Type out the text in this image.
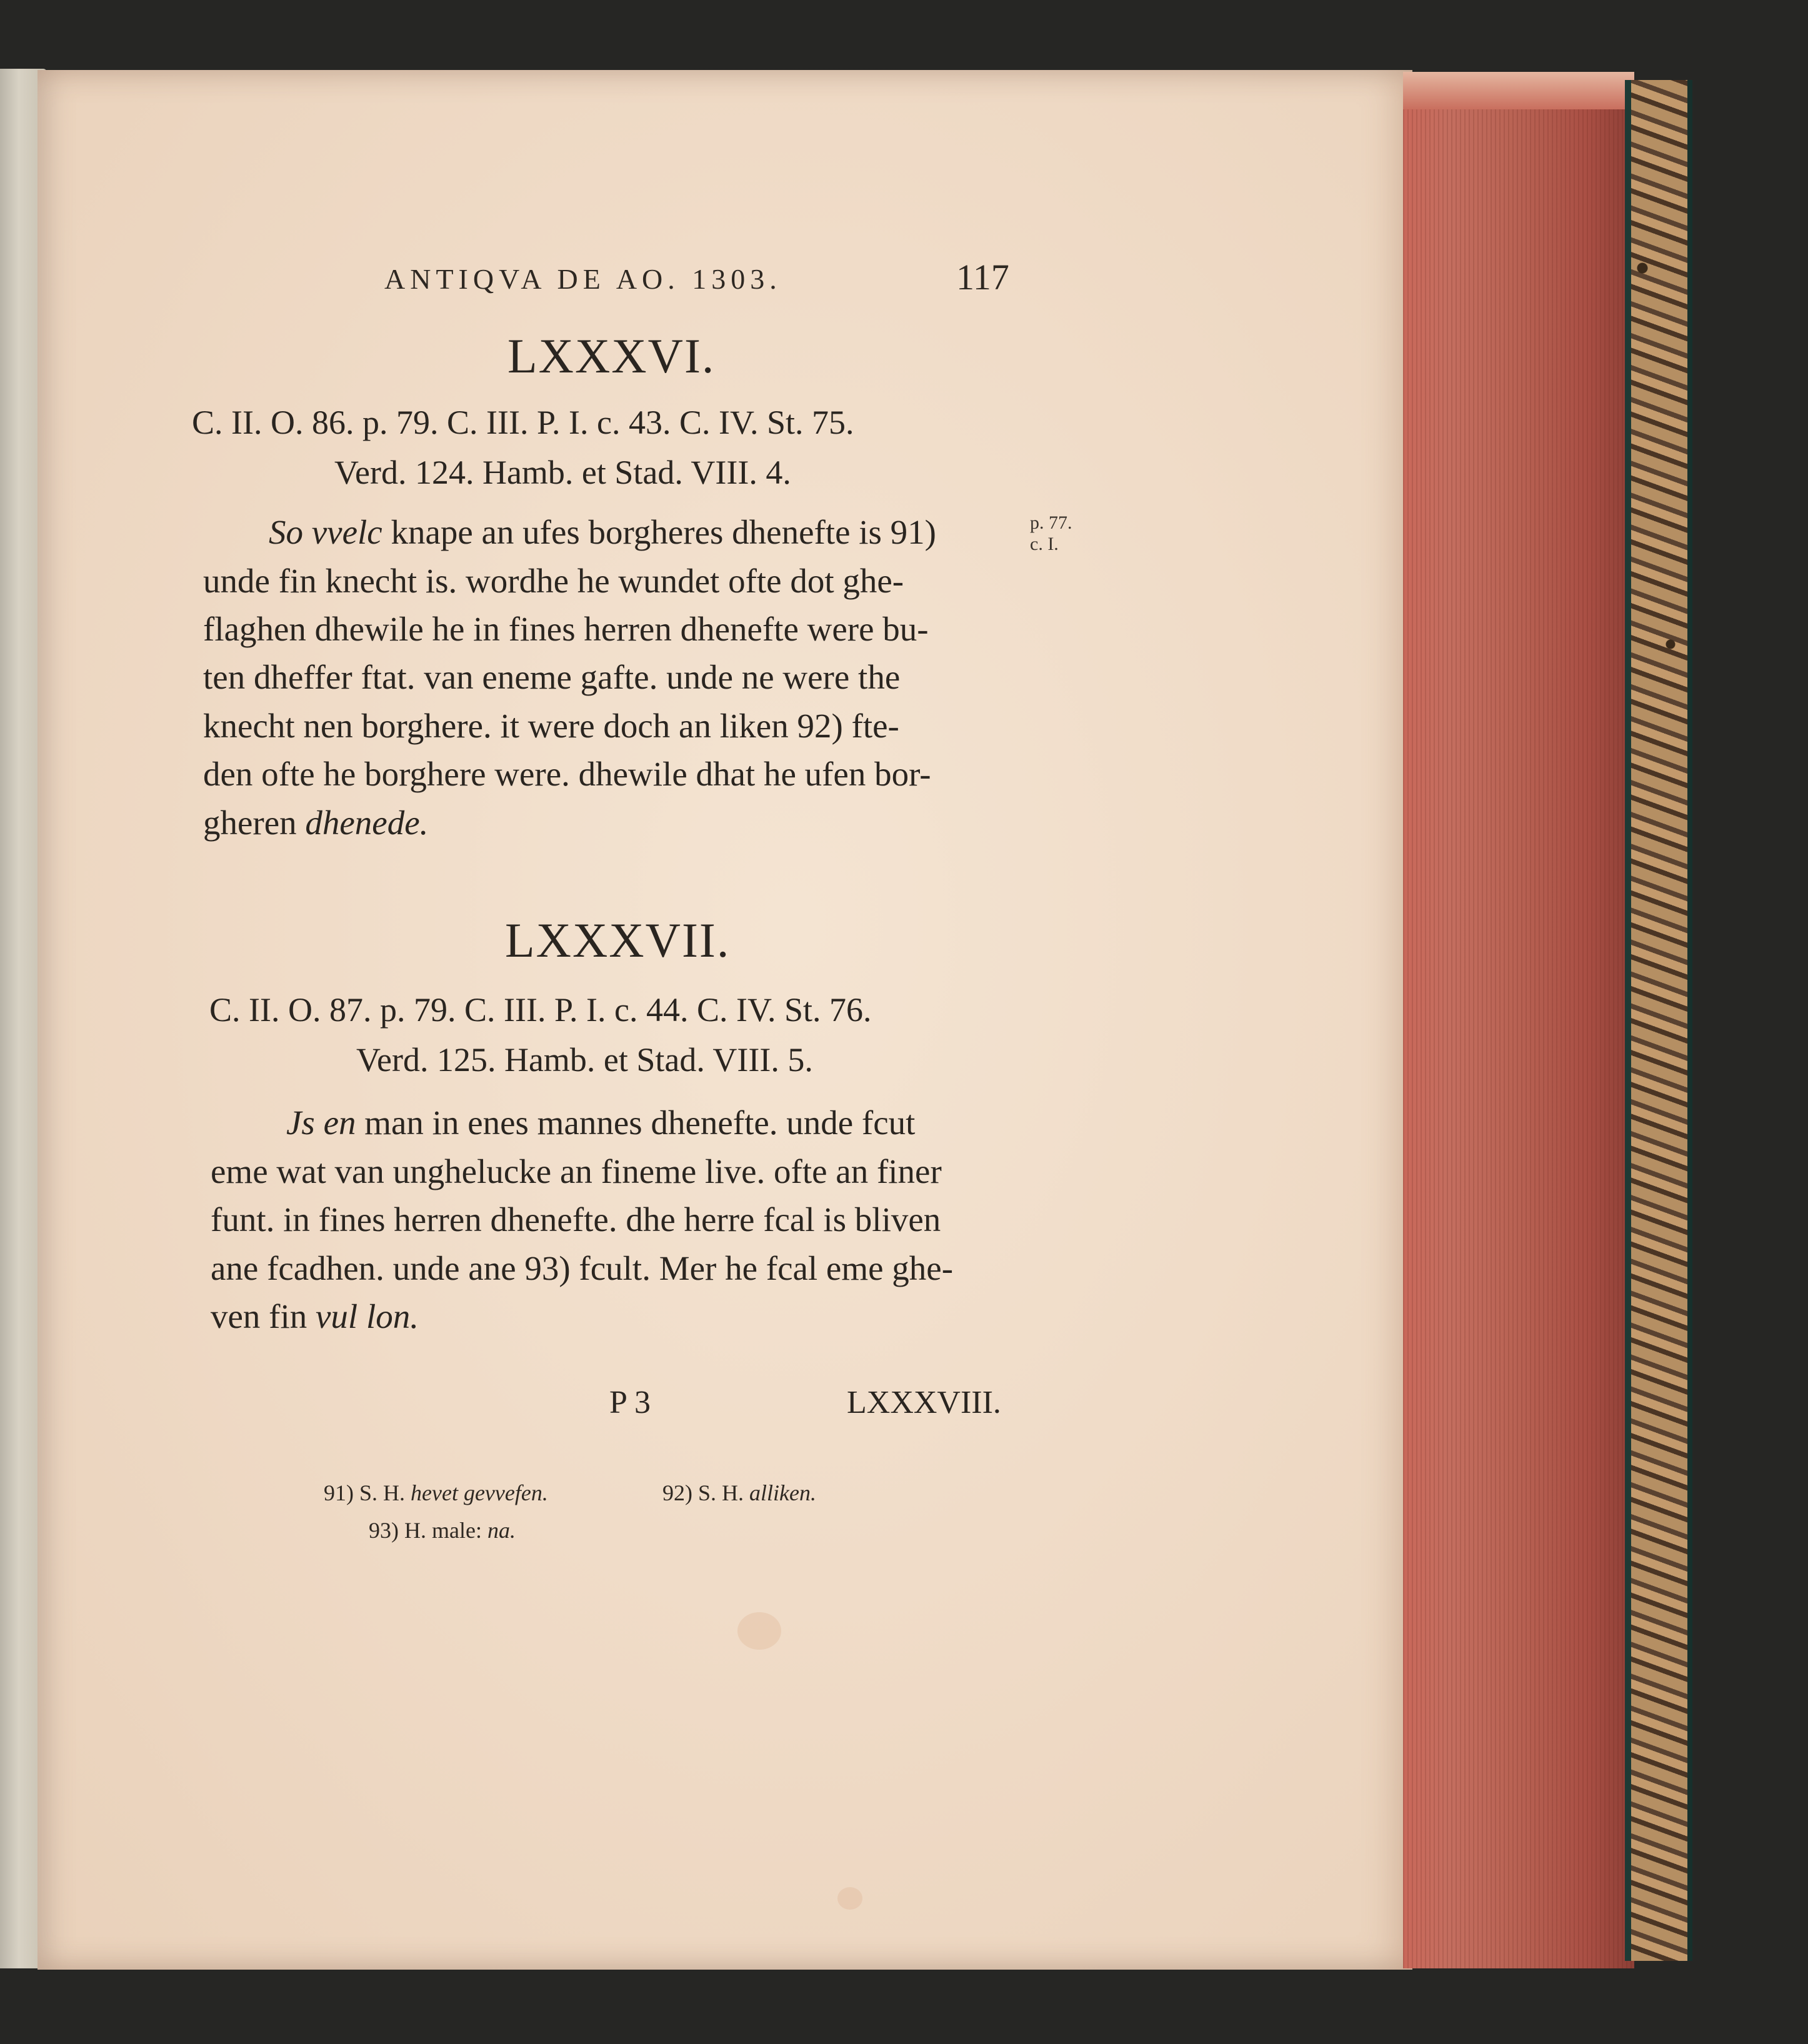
ANTIQVA DE AO. 1303.	117
LXXXVI.
C. II. O. 86. p. 79. C. III. P. I. c. 43. C. IV. St. 75.
Verd. 124. Hamb. et Stad. VIII. 4.
So vvelc knape an ufes borgheres dhenefte is 91)
unde fin knecht is. wordhe he wundet ofte dot ghe-
flaghen dhewile he in fines herren dhenefte were bu-
ten dheffer ftat. van eneme gafte. unde ne were the
knecht nen borghere. it were doch an liken 92) fte-
den ofte he borghere were. dhewile dhat he ufen bor-
gheren dhenede.
p. 77.
c. I.
LXXXVII.
C. II. O. 87. p. 79. C. III. P. I. c. 44. C. IV. St. 76.
Verd. 125. Hamb. et Stad. VIII. 5.
Js en man in enes mannes dhenefte. unde fcut
eme wat van unghelucke an fineme live. ofte an finer
funt. in fines herren dhenefte. dhe herre fcal is bliven
ane fcadhen. unde ane 93) fcult. Mer he fcal eme ghe-
ven fin vul lon.
P 3	LXXXVIII.
91) S. H. hevet gevvefen.	92) S. H. alliken.
93) H. male: na.
